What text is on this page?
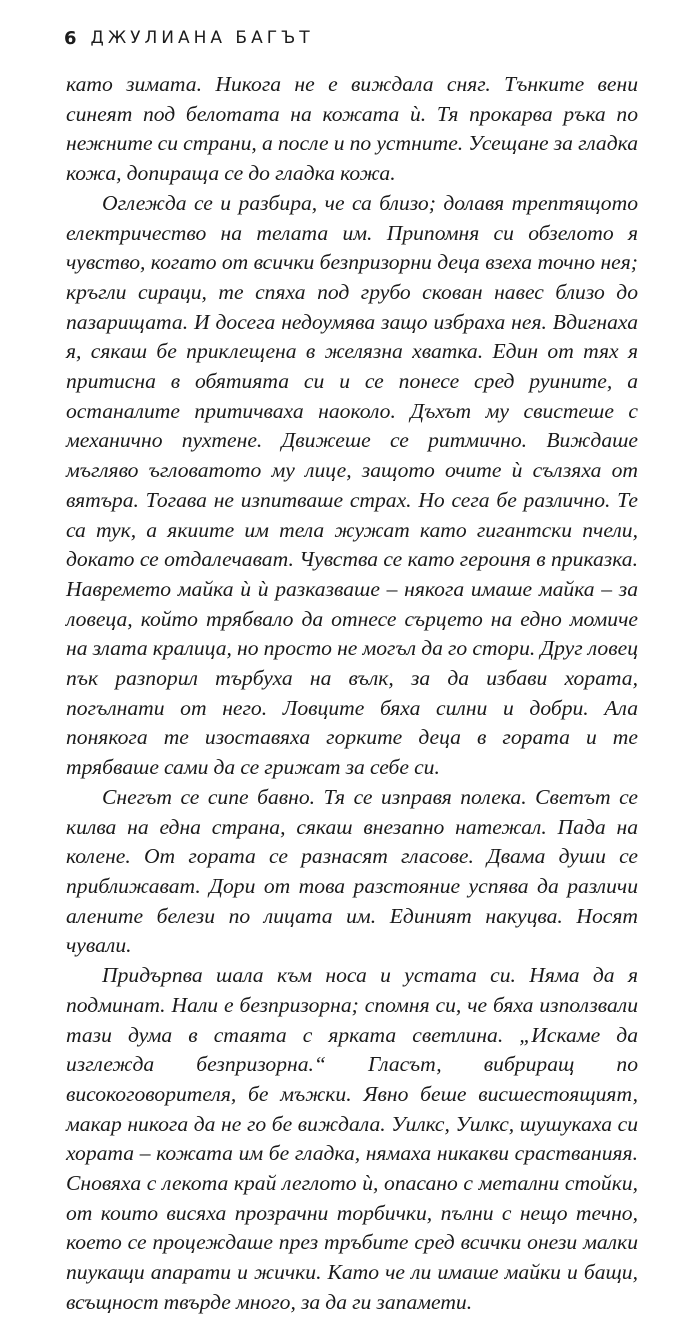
6 ДЖУЛИАНА БАГЪТ

като зимата. Никога не е виждала сняг. Тънките вени синеят под белотата на кожата ѝ. Тя прокарва ръка по нежните си страни, а после и по устните. Усещане за гладка кожа, допираща се до гладка кожа.

Оглежда се и разбира, че са близо; долавя трептящото електричество на телата им. Припомня си обзелото я чувство, когато от всички безпризорни деца взеха точно нея; кръгли сираци, те спяха под грубо скован навес близо до пазарищата. И досега недоумява защо избраха нея. Вдигнаха я, сякаш бе приклещена в желязна хватка. Един от тях я притисна в обятията си и се понесе сред руините, а останалите притичваха наоколо. Дъхът му свистеше с механично пухтене. Движеше се ритмично. Виждаше мъгляво ъгловатото му лице, защото очите ѝ сълзяха от вятъра. Тогава не изпитваше страх. Но сега бе различно. Те са тук, а якиите им тела жужат като гигантски пчели, докато се отдалечават. Чувства се като героиня в приказка. Навремето майка ѝ ѝ разказваше – някога имаше майка – за ловеца, който трябвало да отнесе сърцето на едно момиче на злата кралица, но просто не могъл да го стори. Друг ловец пък разпорил търбуха на вълк, за да избави хората, погълнати от него. Ловците бяха силни и добри. Ала понякога те изоставяха горките деца в гората и те трябваше сами да се грижат за себе си.

Снегът се сипе бавно. Тя се изправя полека. Светът се килва на една страна, сякаш внезапно натежал. Пада на колене. От гората се разнасят гласове. Двама души се приближават. Дори от това разстояние успява да различи алените белези по лицата им. Единият накуцва. Носят чували.

Придърпва шала към носа и устата си. Няма да я подминат. Нали е безпризорна; спомня си, че бяха използвали тази дума в стаята с ярката светлина. „Искаме да изглежда безпризорна.“ Гласът, вибриращ по високоговорителя, бе мъжки. Явно беше висшестоящият, макар никога да не го бе виждала. Уилкс, Уилкс, шушукаха си хората – кожата им бе гладка, нямаха никакви срастванияя. Сновяха с лекота край леглото ѝ, опасано с метални стойки, от които висяха прозрачни торбички, пълни с нещо течно, което се процеждаше през тръбите сред всички онези малки пиукащи апарати и жички. Като че ли имаше майки и бащи, всъщност твърде много, за да ги запамети.
